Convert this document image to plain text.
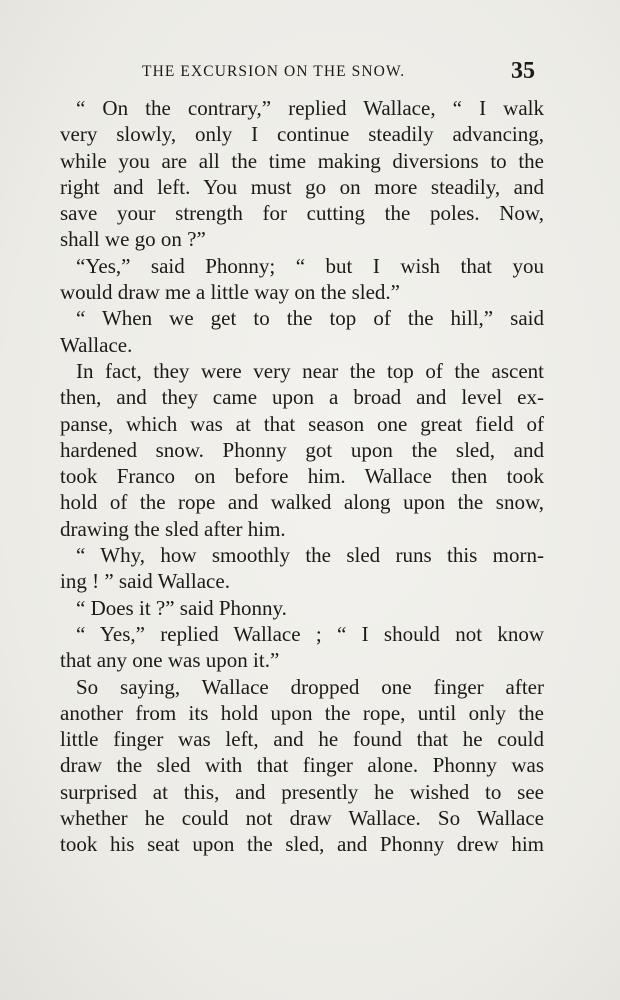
THE EXCURSION ON THE SNOW.	35
“ On the contrary,” replied Wallace, “ I walk
very slowly, only I continue steadily advancing,
while you are all the time making diversions to the
right and left. You must go on more steadily, and
save your strength for cutting the poles. Now,
shall we go on ?”
“Yes,” said Phonny; “ but I wish that you
would draw me a little way on the sled.”
“ When we get to the top of the hill,” said
Wallace.
In fact, they were very near the top of the ascent
then, and they came upon a broad and level ex-
panse, which was at that season one great field of
hardened snow. Phonny got upon the sled, and
took Franco on before him. Wallace then took
hold of the rope and walked along upon the snow,
drawing the sled after him.
“ Why, how smoothly the sled runs this morn-
ing ! ” said Wallace.
“ Does it ?” said Phonny.
“ Yes,” replied Wallace ; “ I should not know
that any one was upon it.”
So saying, Wallace dropped one finger after
another from its hold upon the rope, until only the
little finger was left, and he found that he could
draw the sled with that finger alone. Phonny was
surprised at this, and presently he wished to see
whether he could not draw Wallace. So Wallace
took his seat upon the sled, and Phonny drew him
